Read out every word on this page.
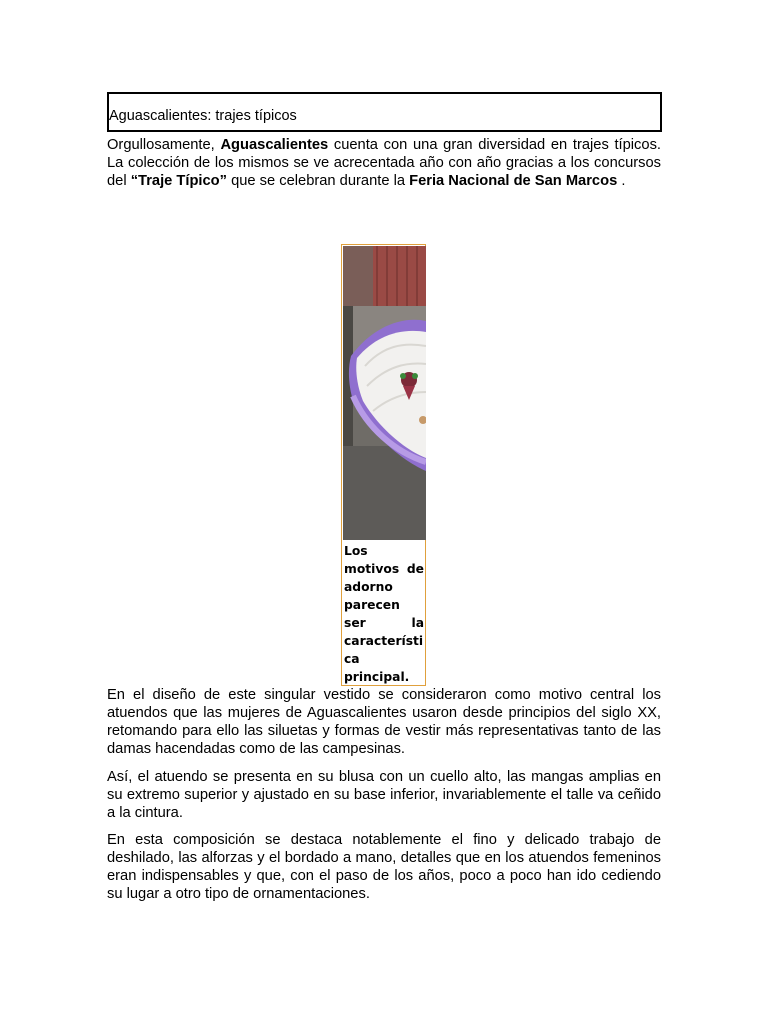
Aguascalientes: trajes típicos

Orgullosamente, Aguascalientes cuenta con una gran diversidad en trajes típicos. La colección de los mismos se ve acrecentada año con año gracias a los concursos del “Traje Típico” que se celebran durante la Feria Nacional de San Marcos .

Los motivos de adorno parecen ser la característica principal.

En el diseño de este singular vestido se consideraron como motivo central los atuendos que las mujeres de Aguascalientes usaron desde principios del siglo XX, retomando para ello las siluetas y formas de vestir más representativas tanto de las damas hacendadas como de las campesinas.

Así, el atuendo se presenta en su blusa con un cuello alto, las mangas amplias en su extremo superior y ajustado en su base inferior, invariablemente el talle va ceñido a la cintura.

En esta composición se destaca notablemente el fino y delicado trabajo de deshilado, las alforzas y el bordado a mano, detalles que en los atuendos femeninos eran indispensables y que, con el paso de los años, poco a poco han ido cediendo su lugar a otro tipo de ornamentaciones.
